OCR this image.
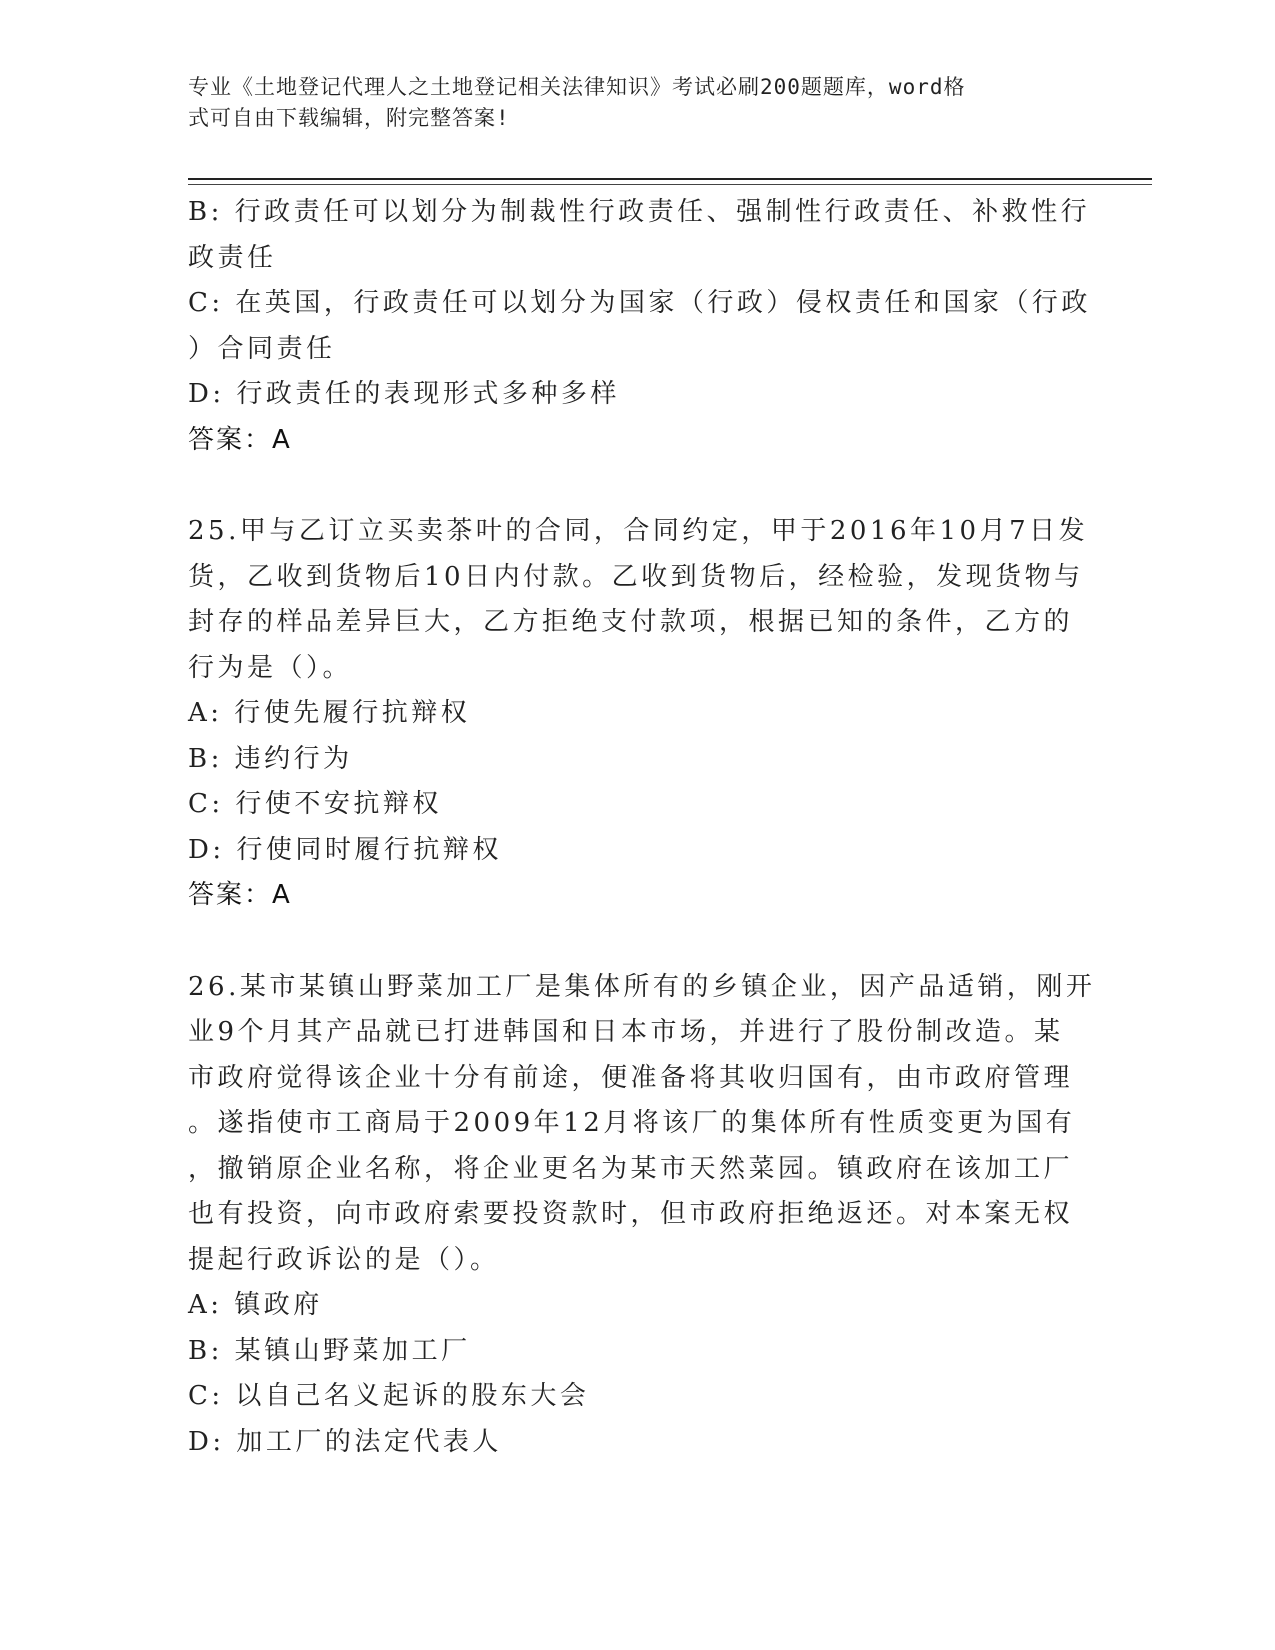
专业《土地登记代理人之土地登记相关法律知识》考试必刷200题题库，word格
式可自由下载编辑，附完整答案!
B: 行政责任可以划分为制裁性行政责任、强制性行政责任、补救性行
政责任
C: 在英国，行政责任可以划分为国家（行政）侵权责任和国家（行政
）合同责任
D: 行政责任的表现形式多种多样
答案：A
25.甲与乙订立买卖茶叶的合同，合同约定，甲于2016年10月7日发
货，乙收到货物后10日内付款。乙收到货物后，经检验，发现货物与
封存的样品差异巨大，乙方拒绝支付款项，根据已知的条件，乙方的
行为是（）。
A: 行使先履行抗辩权
B: 违约行为
C: 行使不安抗辩权
D: 行使同时履行抗辩权
答案：A
26.某市某镇山野菜加工厂是集体所有的乡镇企业，因产品适销，刚开
业9个月其产品就已打进韩国和日本市场，并进行了股份制改造。某
市政府觉得该企业十分有前途，便准备将其收归国有，由市政府管理
。遂指使市工商局于2009年12月将该厂的集体所有性质变更为国有
，撤销原企业名称，将企业更名为某市天然菜园。镇政府在该加工厂
也有投资，向市政府索要投资款时，但市政府拒绝返还。对本案无权
提起行政诉讼的是（）。
A: 镇政府
B: 某镇山野菜加工厂
C: 以自己名义起诉的股东大会
D: 加工厂的法定代表人
